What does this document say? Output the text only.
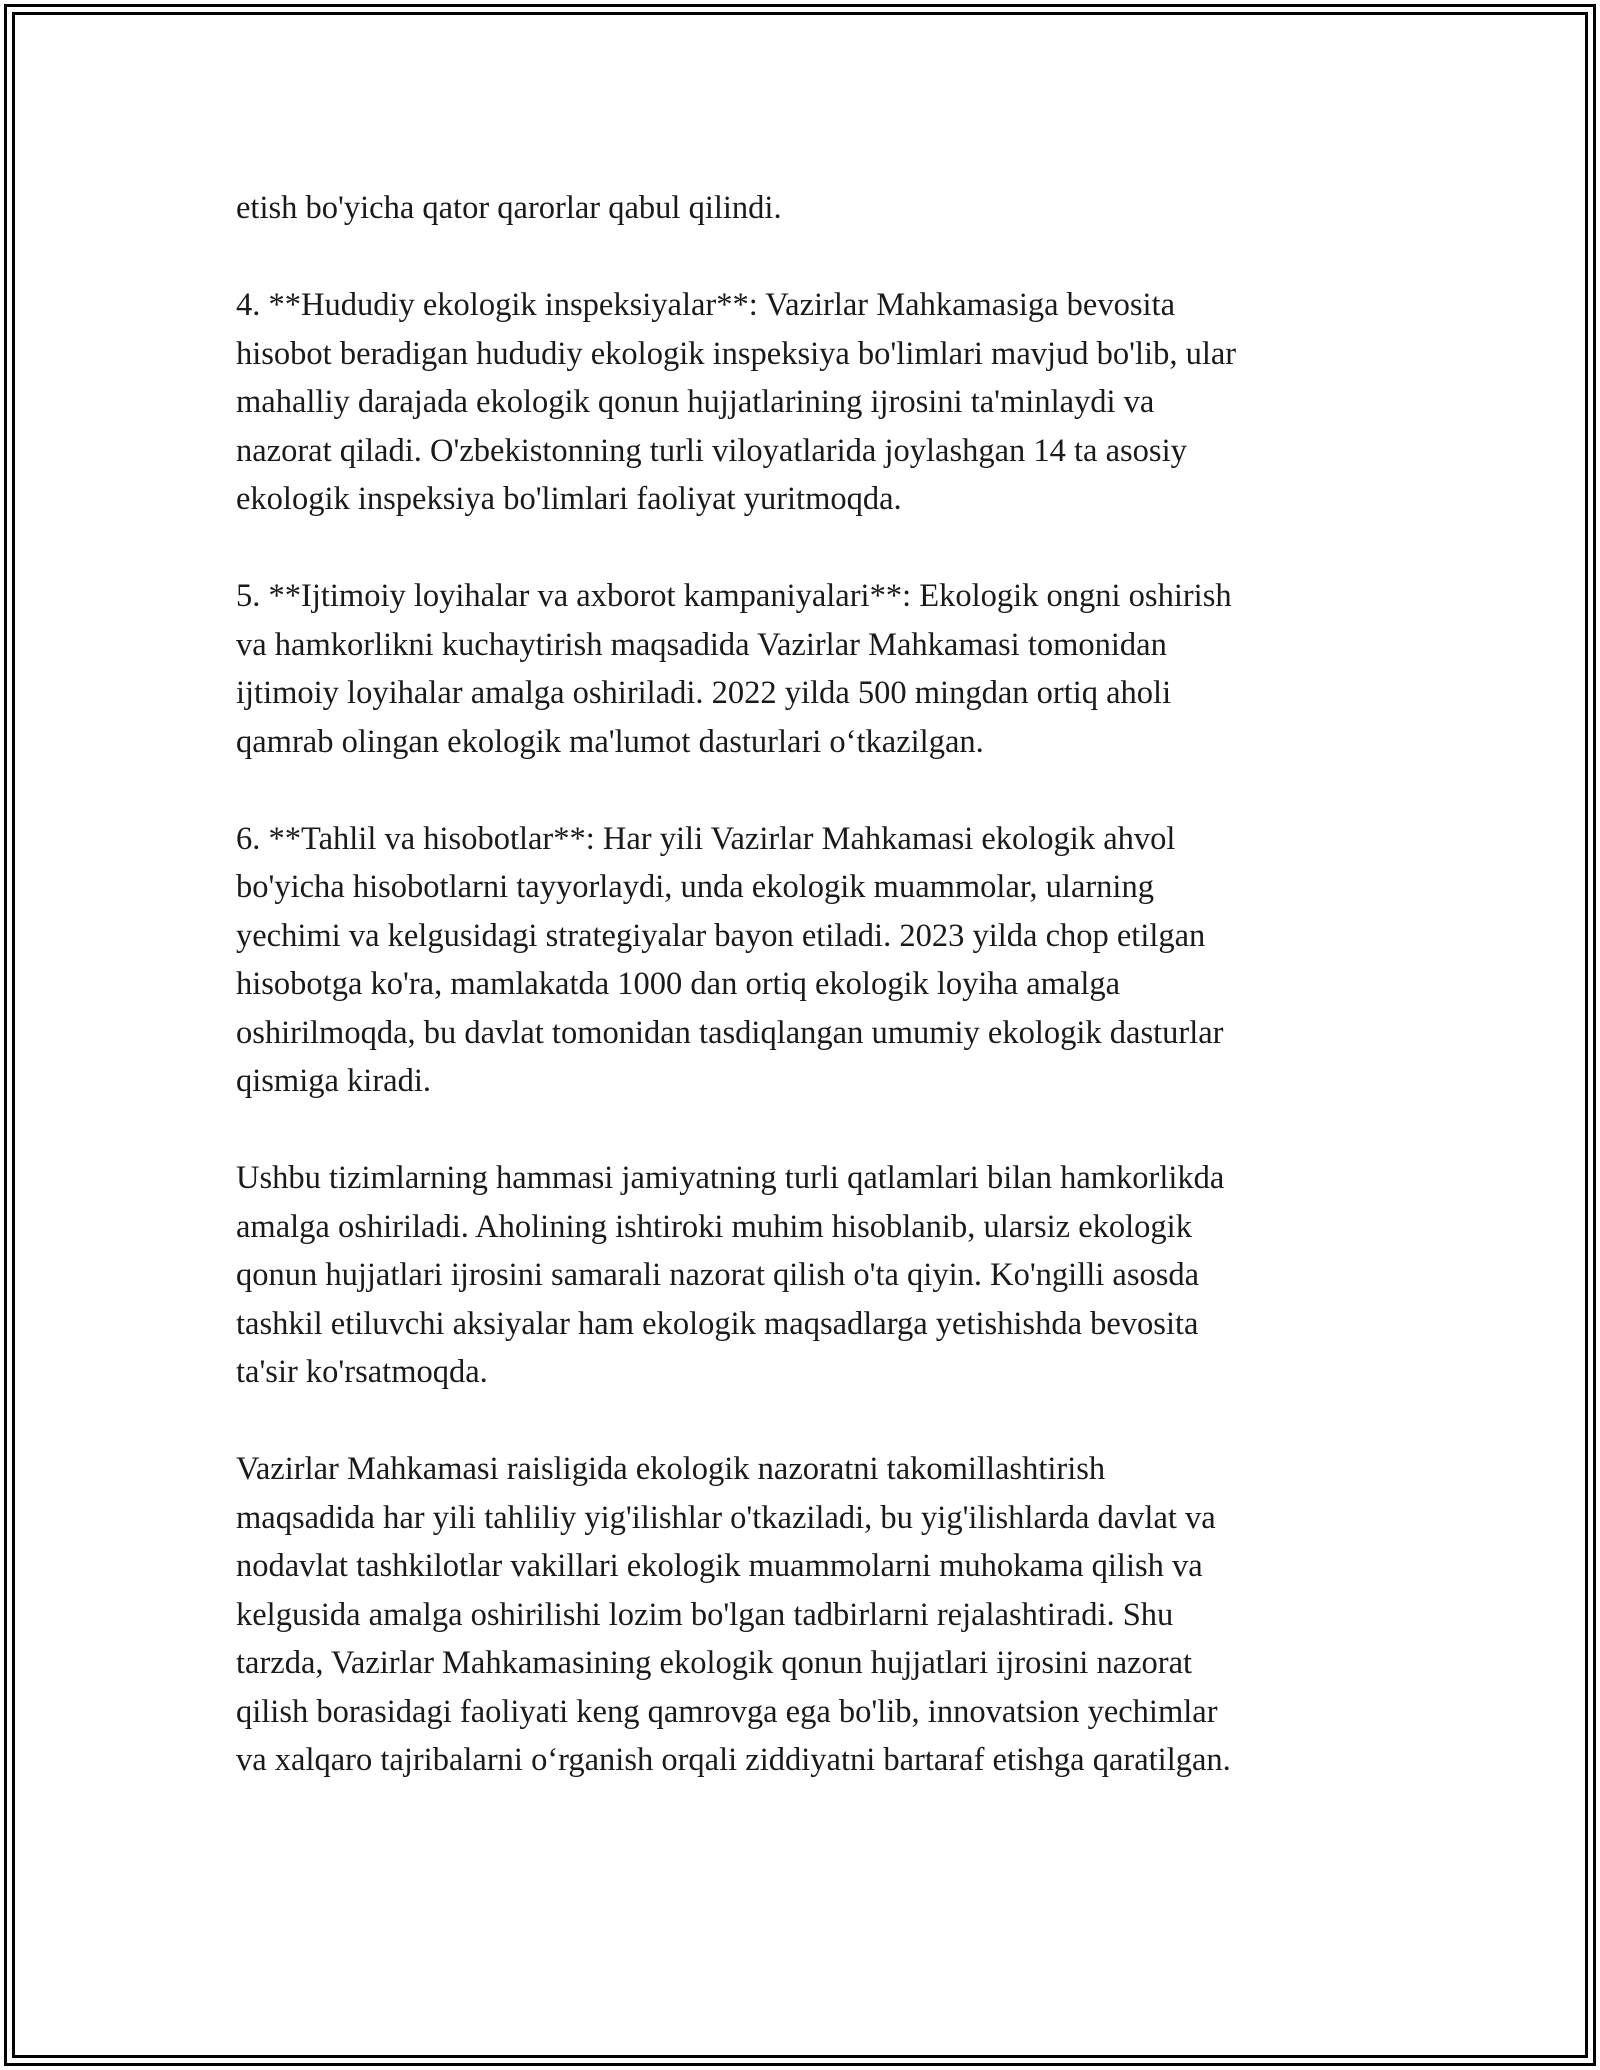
etish bo'yicha qator qarorlar qabul qilindi.

4. **Hududiy ekologik inspeksiyalar**: Vazirlar Mahkamasiga bevosita
hisobot beradigan hududiy ekologik inspeksiya bo'limlari mavjud bo'lib, ular
mahalliy darajada ekologik qonun hujjatlarining ijrosini ta'minlaydi va
nazorat qiladi. O'zbekistonning turli viloyatlarida joylashgan 14 ta asosiy
ekologik inspeksiya bo'limlari faoliyat yuritmoqda.

5. **Ijtimoiy loyihalar va axborot kampaniyalari**: Ekologik ongni oshirish
va hamkorlikni kuchaytirish maqsadida Vazirlar Mahkamasi tomonidan
ijtimoiy loyihalar amalga oshiriladi. 2022 yilda 500 mingdan ortiq aholi
qamrab olingan ekologik ma'lumot dasturlari o‘tkazilgan.

6. **Tahlil va hisobotlar**: Har yili Vazirlar Mahkamasi ekologik ahvol
bo'yicha hisobotlarni tayyorlaydi, unda ekologik muammolar, ularning
yechimi va kelgusidagi strategiyalar bayon etiladi. 2023 yilda chop etilgan
hisobotga ko'ra, mamlakatda 1000 dan ortiq ekologik loyiha amalga
oshirilmoqda, bu davlat tomonidan tasdiqlangan umumiy ekologik dasturlar
qismiga kiradi.

Ushbu tizimlarning hammasi jamiyatning turli qatlamlari bilan hamkorlikda
amalga oshiriladi. Aholining ishtiroki muhim hisoblanib, ularsiz ekologik
qonun hujjatlari ijrosini samarali nazorat qilish o'ta qiyin. Ko'ngilli asosda
tashkil etiluvchi aksiyalar ham ekologik maqsadlarga yetishishda bevosita
ta'sir ko'rsatmoqda.

Vazirlar Mahkamasi raisligida ekologik nazoratni takomillashtirish
maqsadida har yili tahliliy yig'ilishlar o'tkaziladi, bu yig'ilishlarda davlat va
nodavlat tashkilotlar vakillari ekologik muammolarni muhokama qilish va
kelgusida amalga oshirilishi lozim bo'lgan tadbirlarni rejalashtiradi. Shu
tarzda, Vazirlar Mahkamasining ekologik qonun hujjatlari ijrosini nazorat
qilish borasidagi faoliyati keng qamrovga ega bo'lib, innovatsion yechimlar
va xalqaro tajribalarni o‘rganish orqali ziddiyatni bartaraf etishga qaratilgan.
